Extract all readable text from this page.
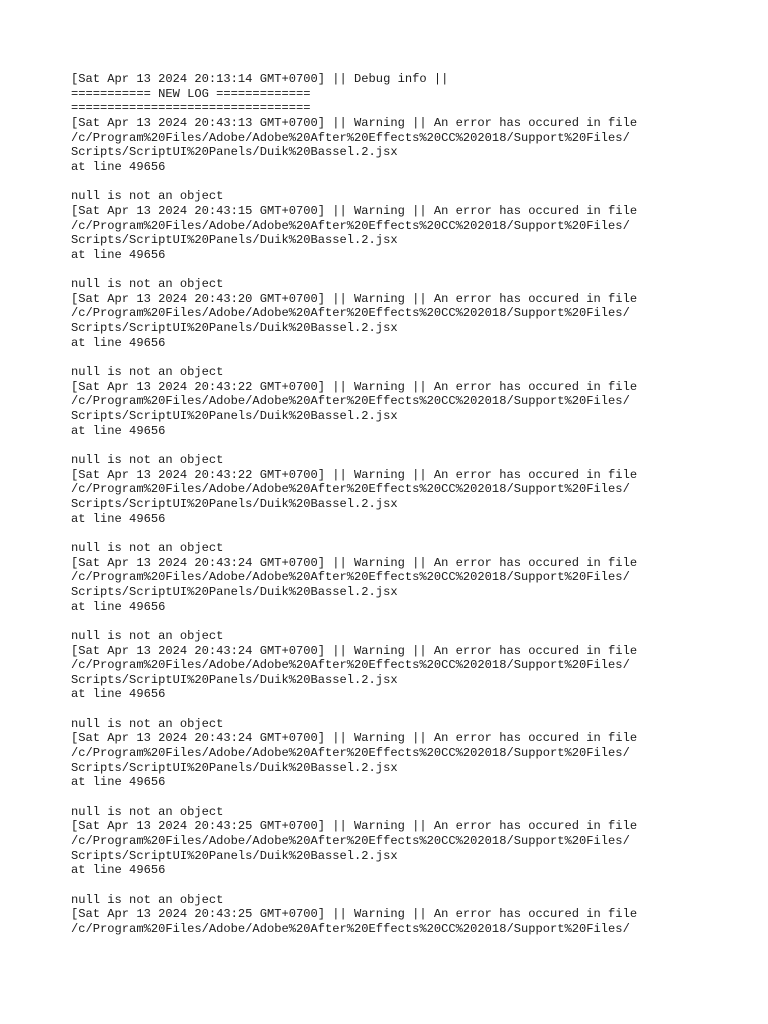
[Sat Apr 13 2024 20:13:14 GMT+0700] || Debug info ||
=========== NEW LOG =============
=================================
[Sat Apr 13 2024 20:43:13 GMT+0700] || Warning || An error has occured in file
/c/Program%20Files/Adobe/Adobe%20After%20Effects%20CC%202018/Support%20Files/
Scripts/ScriptUI%20Panels/Duik%20Bassel.2.jsx
at line 49656
null is not an object
[Sat Apr 13 2024 20:43:15 GMT+0700] || Warning || An error has occured in file
/c/Program%20Files/Adobe/Adobe%20After%20Effects%20CC%202018/Support%20Files/
Scripts/ScriptUI%20Panels/Duik%20Bassel.2.jsx
at line 49656
null is not an object
[Sat Apr 13 2024 20:43:20 GMT+0700] || Warning || An error has occured in file
/c/Program%20Files/Adobe/Adobe%20After%20Effects%20CC%202018/Support%20Files/
Scripts/ScriptUI%20Panels/Duik%20Bassel.2.jsx
at line 49656
null is not an object
[Sat Apr 13 2024 20:43:22 GMT+0700] || Warning || An error has occured in file
/c/Program%20Files/Adobe/Adobe%20After%20Effects%20CC%202018/Support%20Files/
Scripts/ScriptUI%20Panels/Duik%20Bassel.2.jsx
at line 49656
null is not an object
[Sat Apr 13 2024 20:43:22 GMT+0700] || Warning || An error has occured in file
/c/Program%20Files/Adobe/Adobe%20After%20Effects%20CC%202018/Support%20Files/
Scripts/ScriptUI%20Panels/Duik%20Bassel.2.jsx
at line 49656
null is not an object
[Sat Apr 13 2024 20:43:24 GMT+0700] || Warning || An error has occured in file
/c/Program%20Files/Adobe/Adobe%20After%20Effects%20CC%202018/Support%20Files/
Scripts/ScriptUI%20Panels/Duik%20Bassel.2.jsx
at line 49656
null is not an object
[Sat Apr 13 2024 20:43:24 GMT+0700] || Warning || An error has occured in file
/c/Program%20Files/Adobe/Adobe%20After%20Effects%20CC%202018/Support%20Files/
Scripts/ScriptUI%20Panels/Duik%20Bassel.2.jsx
at line 49656
null is not an object
[Sat Apr 13 2024 20:43:24 GMT+0700] || Warning || An error has occured in file
/c/Program%20Files/Adobe/Adobe%20After%20Effects%20CC%202018/Support%20Files/
Scripts/ScriptUI%20Panels/Duik%20Bassel.2.jsx
at line 49656
null is not an object
[Sat Apr 13 2024 20:43:25 GMT+0700] || Warning || An error has occured in file
/c/Program%20Files/Adobe/Adobe%20After%20Effects%20CC%202018/Support%20Files/
Scripts/ScriptUI%20Panels/Duik%20Bassel.2.jsx
at line 49656
null is not an object
[Sat Apr 13 2024 20:43:25 GMT+0700] || Warning || An error has occured in file
/c/Program%20Files/Adobe/Adobe%20After%20Effects%20CC%202018/Support%20Files/
